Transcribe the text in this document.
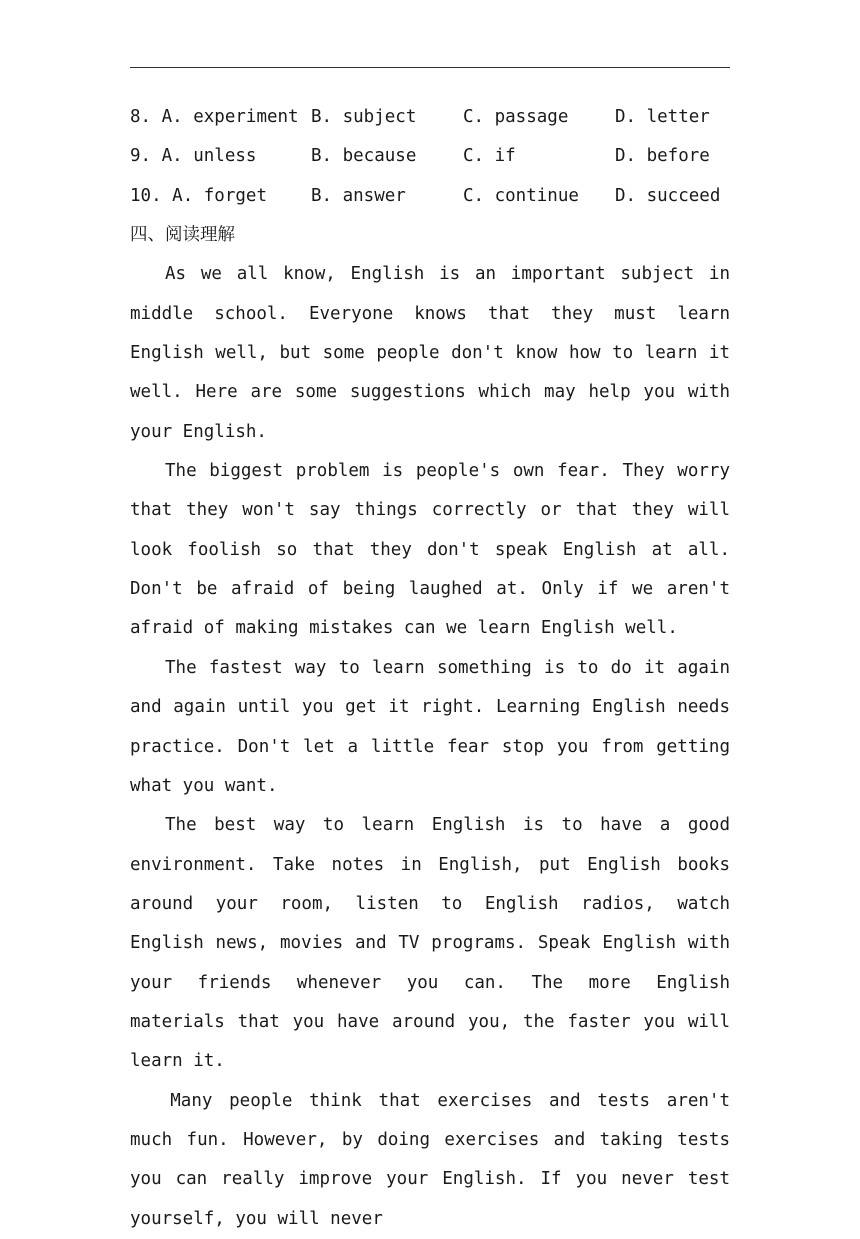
8. A. experiment B. subject	C. passage	D. letter
9. A. unless	B. because	C. if	D. before
10. A. forget	B. answer	C. continue	D. succeed
四、阅读理解

As we all know, English is an important subject in middle school. Everyone knows that they must learn English well, but some people don't know how to learn it well. Here are some suggestions which may help you with your English.

The biggest problem is people's own fear. They worry that they won't say things correctly or that they will look foolish so that they don't speak English at all. Don't be afraid of being laughed at. Only if we aren't afraid of making mistakes can we learn English well.

The fastest way to learn something is to do it again and again until you get it right. Learning English needs practice. Don't let a little fear stop you from getting what you want.

The best way to learn English is to have a good environment. Take notes in English, put English books around your room, listen to English radios, watch English news, movies and TV programs. Speak English with your friends whenever you can. The more English materials that you have around you, the faster you will learn it.

Many people think that exercises and tests aren't much fun. However, by doing exercises and taking tests you can really improve your English. If you never test yourself, you will never
